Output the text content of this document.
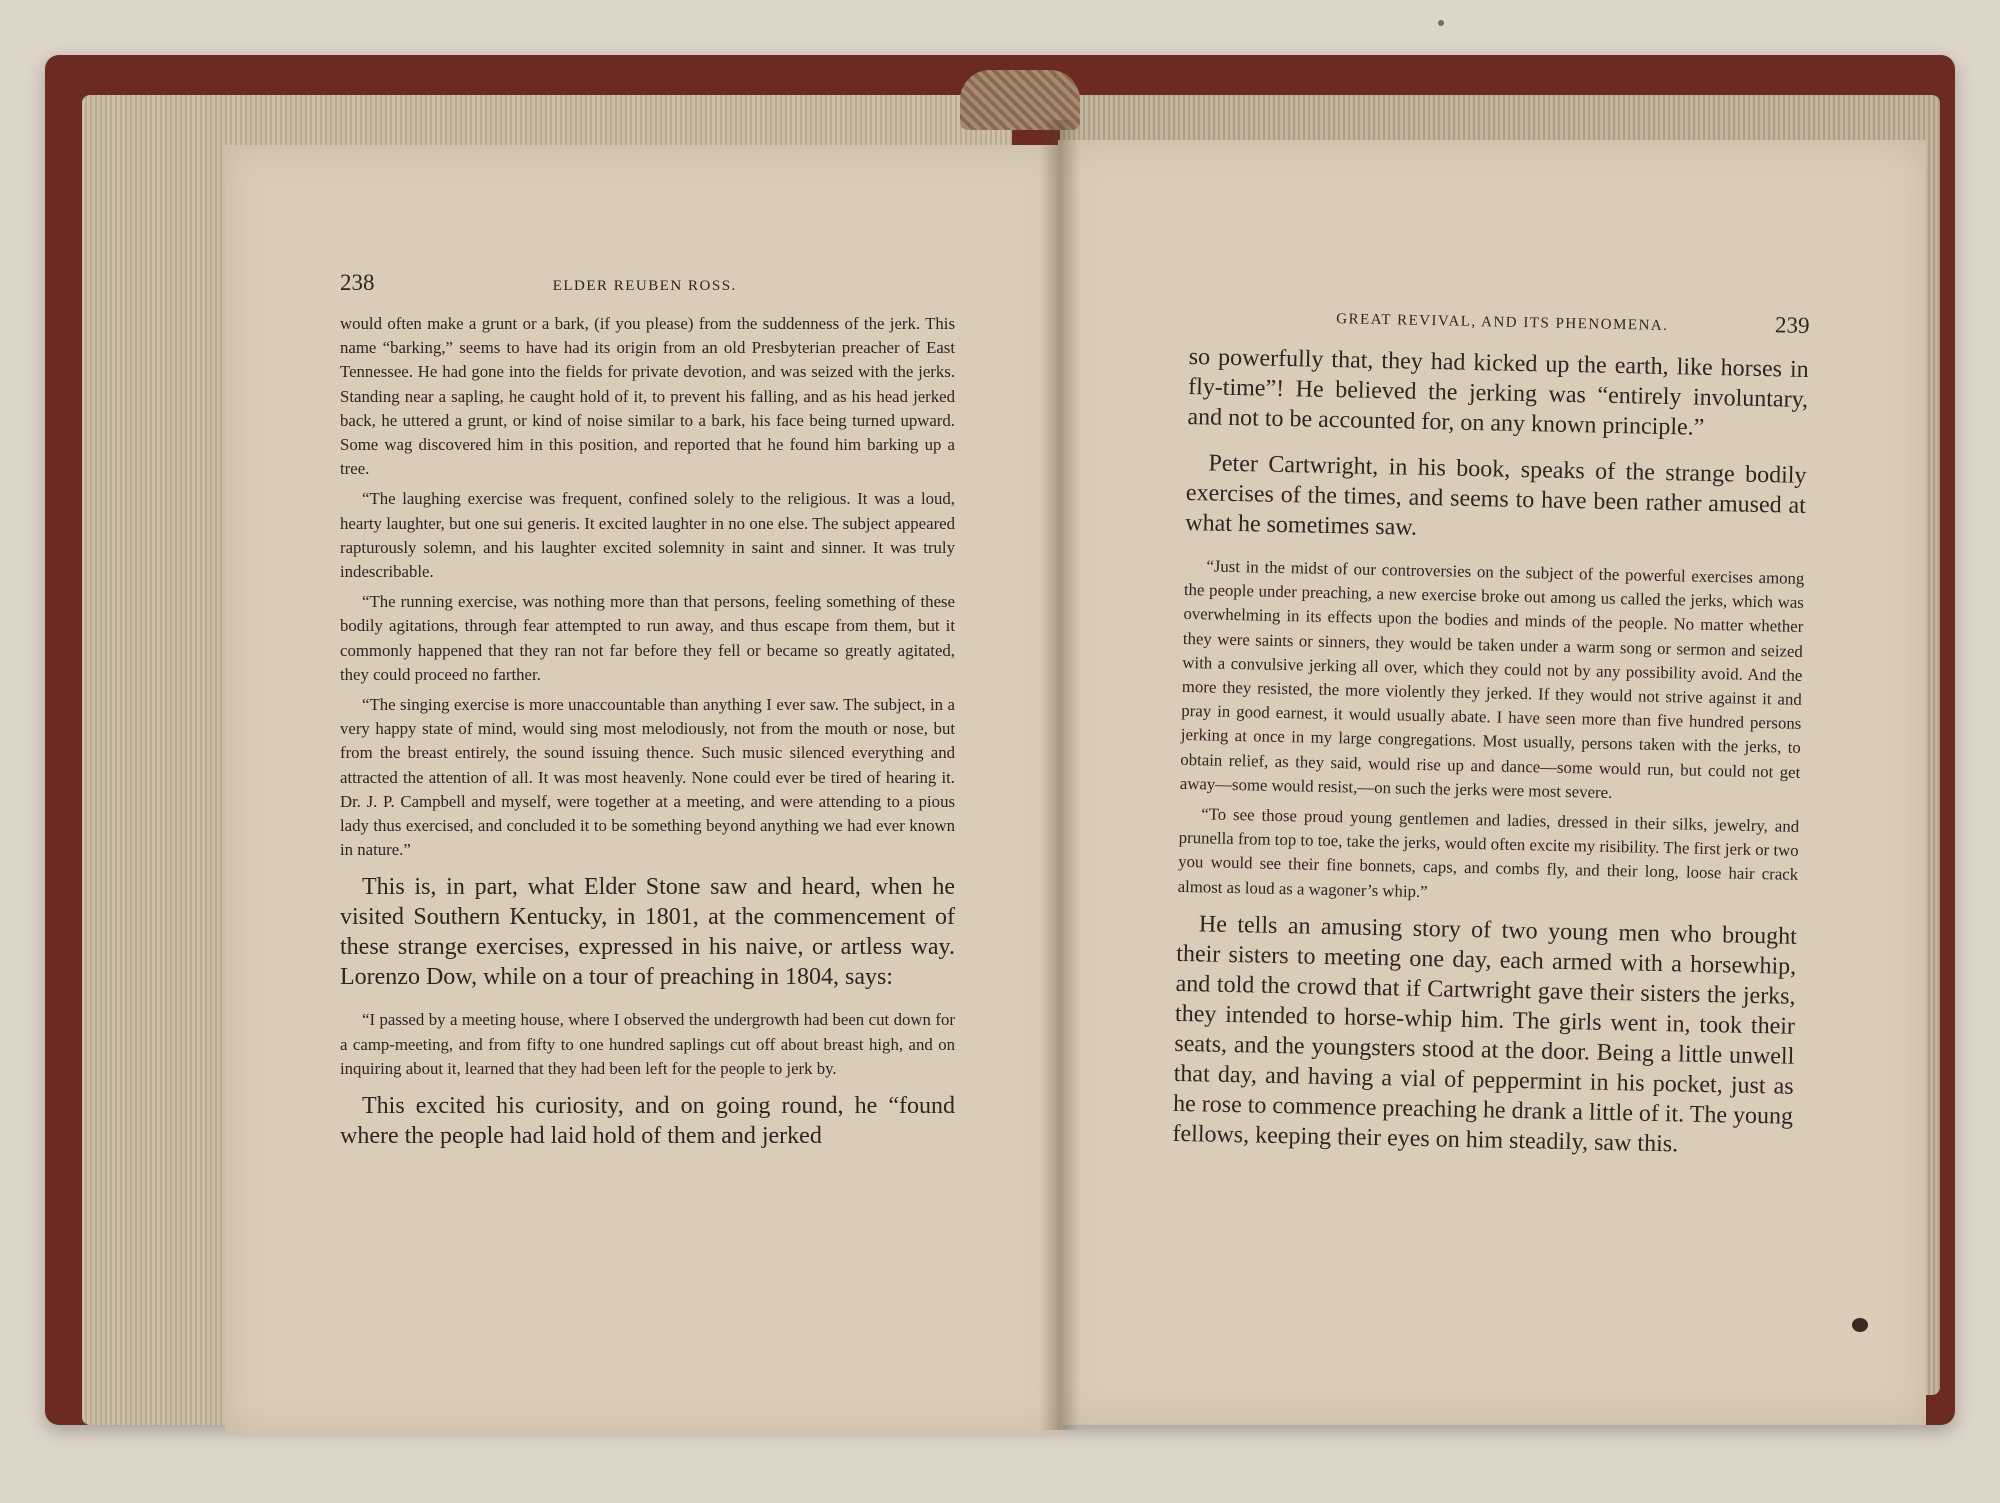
238	ELDER REUBEN ROSS.

would often make a grunt or a bark, (if you please) from the suddenness of the jerk. This name “barking,” seems to have had its origin from an old Presbyterian preacher of East Tennessee. He had gone into the fields for private devotion, and was seized with the jerks. Standing near a sapling, he caught hold of it, to prevent his falling, and as his head jerked back, he uttered a grunt, or kind of noise similar to a bark, his face being turned upward. Some wag discovered him in this position, and reported that he found him barking up a tree.

“The laughing exercise was frequent, confined solely to the religious. It was a loud, hearty laughter, but one sui generis. It excited laughter in no one else. The subject appeared rapturously solemn, and his laughter excited solemnity in saint and sinner. It was truly indescribable.

“The running exercise, was nothing more than that persons, feeling something of these bodily agitations, through fear attempted to run away, and thus escape from them, but it commonly happened that they ran not far before they fell or became so greatly agitated, they could proceed no farther.

“The singing exercise is more unaccountable than anything I ever saw. The subject, in a very happy state of mind, would sing most melodiously, not from the mouth or nose, but from the breast entirely, the sound issuing thence. Such music silenced everything and attracted the attention of all. It was most heavenly. None could ever be tired of hearing it. Dr. J. P. Campbell and myself, were together at a meeting, and were attending to a pious lady thus exercised, and concluded it to be something beyond anything we had ever known in nature.”

This is, in part, what Elder Stone saw and heard, when he visited Southern Kentucky, in 1801, at the commencement of these strange exercises, expressed in his naive, or artless way. Lorenzo Dow, while on a tour of preaching in 1804, says:

“I passed by a meeting house, where I observed the undergrowth had been cut down for a camp-meeting, and from fifty to one hundred saplings cut off about breast high, and on inquiring about it, learned that they had been left for the people to jerk by.

This excited his curiosity, and on going round, he “found where the people had laid hold of them and jerked

GREAT REVIVAL, AND ITS PHENOMENA.	239

so powerfully that, they had kicked up the earth, like horses in fly-time”! He believed the jerking was “entirely involuntary, and not to be accounted for, on any known principle.”

Peter Cartwright, in his book, speaks of the strange bodily exercises of the times, and seems to have been rather amused at what he sometimes saw.

“Just in the midst of our controversies on the subject of the powerful exercises among the people under preaching, a new exercise broke out among us called the jerks, which was overwhelming in its effects upon the bodies and minds of the people. No matter whether they were saints or sinners, they would be taken under a warm song or sermon and seized with a convulsive jerking all over, which they could not by any possibility avoid. And the more they resisted, the more violently they jerked. If they would not strive against it and pray in good earnest, it would usually abate. I have seen more than five hundred persons jerking at once in my large congregations. Most usually, persons taken with the jerks, to obtain relief, as they said, would rise up and dance—some would run, but could not get away—some would resist,—on such the jerks were most severe.

“To see those proud young gentlemen and ladies, dressed in their silks, jewelry, and prunella from top to toe, take the jerks, would often excite my risibility. The first jerk or two you would see their fine bonnets, caps, and combs fly, and their long, loose hair crack almost as loud as a wagoner’s whip.”

He tells an amusing story of two young men who brought their sisters to meeting one day, each armed with a horsewhip, and told the crowd that if Cartwright gave their sisters the jerks, they intended to horse-whip him. The girls went in, took their seats, and the youngsters stood at the door. Being a little unwell that day, and having a vial of peppermint in his pocket, just as he rose to commence preaching he drank a little of it. The young fellows, keeping their eyes on him steadily, saw this.
